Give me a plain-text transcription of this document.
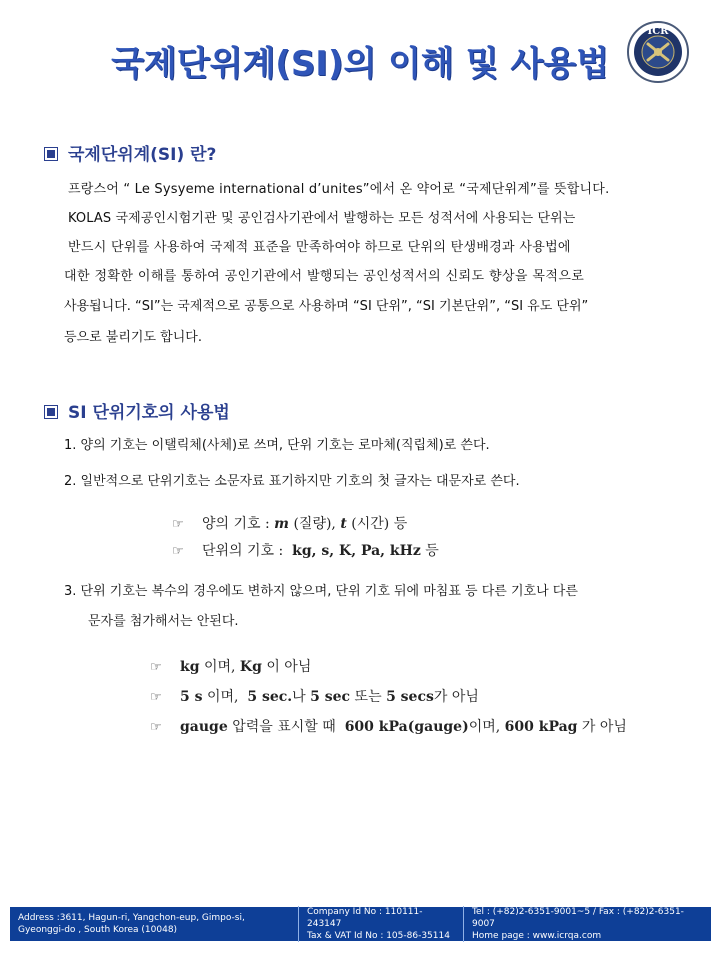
국제단위계(SI)의 이해 및 사용법
ICR
국제단위계(SI) 란?
프랑스어 “ Le Sysyeme international d’unites”에서 온 약어로 “국제단위계”를 뜻합니다.
KOLAS 국제공인시험기관 및 공인검사기관에서 발행하는 모든 성적서에 사용되는 단위는
반드시 단위를 사용하여 국제적 표준을 만족하여야 하므로 단위의 탄생배경과 사용법에
대한 정확한 이해를 통하여 공인기관에서 발행되는 공인성적서의 신뢰도 향상을 목적으로
사용됩니다. “SI”는 국제적으로 공통으로 사용하며 “SI 단위”, “SI 기본단위”, “SI 유도 단위”
등으로 불리기도 합니다.
SI 단위기호의 사용법
1. 양의 기호는 이탤릭체(사체)로 쓰며, 단위 기호는 로마체(직립체)로 쓴다.
2. 일반적으로 단위기호는 소문자료 표기하지만 기호의 첫 글자는 대문자로 쓴다.
☞ 양의 기호 : m (질량), t (시간) 등
☞ 단위의 기호 : kg, s, K, Pa, kHz 등
3. 단위 기호는 복수의 경우에도 변하지 않으며, 단위 기호 뒤에 마침표 등 다른 기호나 다른
문자를 첨가해서는 안된다.
☞ kg 이며, Kg 이 아님
☞ 5 s 이며, 5 sec.나 5 sec 또는 5 secs가 아님
☞ gauge 압력을 표시할 때 600 kPa(gauge)이며, 600 kPag 가 아님
Address :3611, Hagun-ri, Yangchon-eup, Gimpo-si,
Gyeonggi-do , South Korea (10048)
Company Id No : 110111-243147
Tax & VAT Id No : 105-86-35114
Tel : (+82)2-6351-9001~5 / Fax : (+82)2-6351-9007
Home page : www.icrqa.com
